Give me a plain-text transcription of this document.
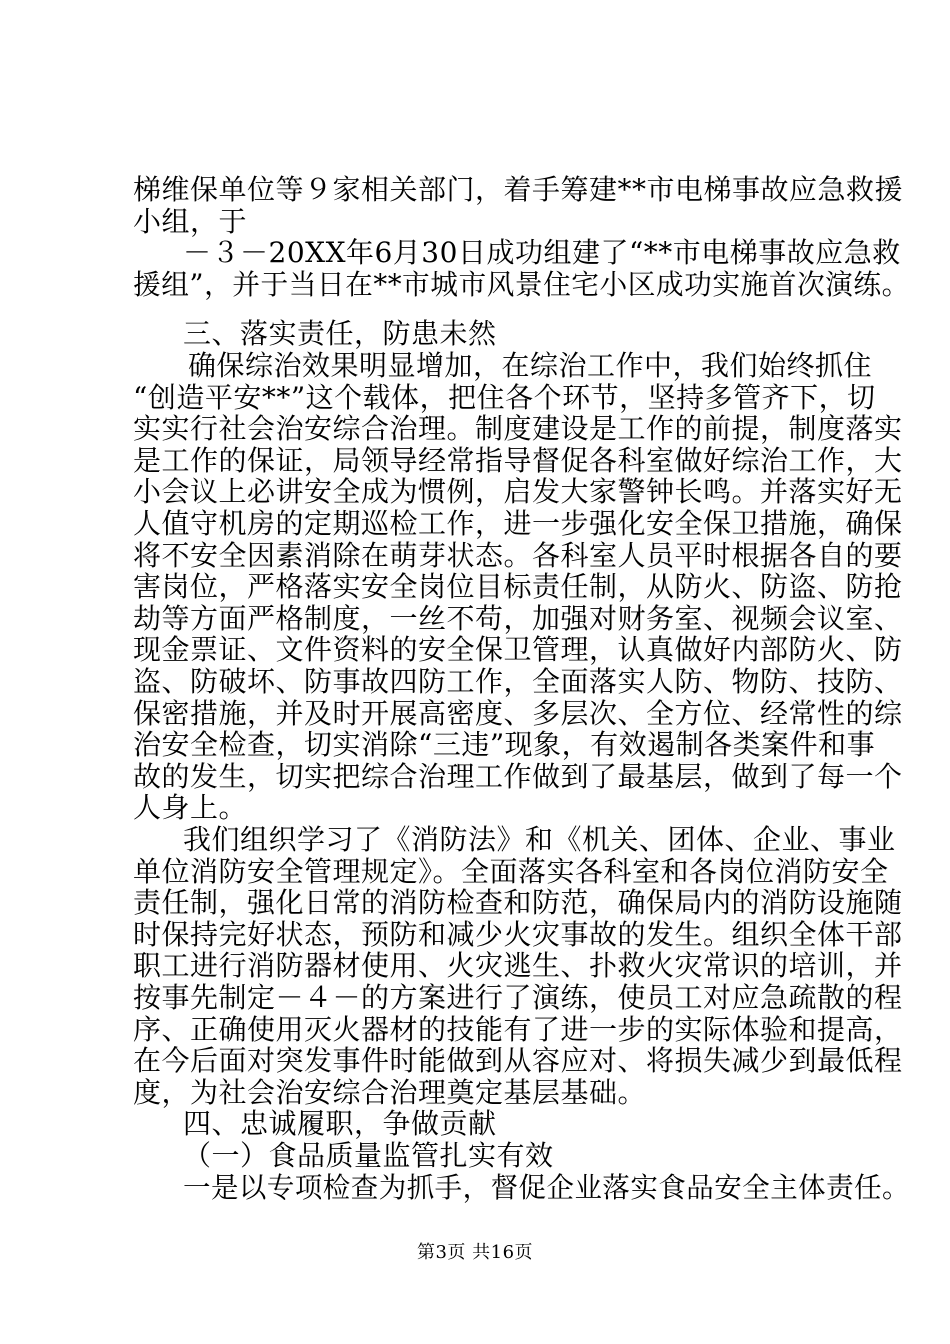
梯维保单位等９家相关部门，着手筹建**市电梯事故应急救援
小组，于
－３－20XX年6月30日成功组建了“**市电梯事故应急救
援组”，并于当日在**市城市风景住宅小区成功实施首次演练。
三、落实责任，防患未然
确保综治效果明显增加，在综治工作中，我们始终抓住
“创造平安**”这个载体，把住各个环节，坚持多管齐下，切
实实行社会治安综合治理。制度建设是工作的前提，制度落实
是工作的保证，局领导经常指导督促各科室做好综治工作，大
小会议上必讲安全成为惯例，启发大家警钟长鸣。并落实好无
人值守机房的定期巡检工作，进一步强化安全保卫措施，确保
将不安全因素消除在萌芽状态。各科室人员平时根据各自的要
害岗位，严格落实安全岗位目标责任制，从防火、防盗、防抢
劫等方面严格制度，一丝不苟，加强对财务室、视频会议室、
现金票证、文件资料的安全保卫管理，认真做好内部防火、防
盗、防破坏、防事故四防工作，全面落实人防、物防、技防、
保密措施，并及时开展高密度、多层次、全方位、经常性的综
治安全检查，切实消除“三违”现象，有效遏制各类案件和事
故的发生，切实把综合治理工作做到了最基层，做到了每一个
人身上。
我们组织学习了《消防法》和《机关、团体、企业、事业
单位消防安全管理规定》。全面落实各科室和各岗位消防安全
责任制，强化日常的消防检查和防范，确保局内的消防设施随
时保持完好状态，预防和减少火灾事故的发生。组织全体干部
职工进行消防器材使用、火灾逃生、扑救火灾常识的培训，并
按事先制定－４－的方案进行了演练，使员工对应急疏散的程
序、正确使用灭火器材的技能有了进一步的实际体验和提高，
在今后面对突发事件时能做到从容应对、将损失减少到最低程
度，为社会治安综合治理奠定基层基础。
四、忠诚履职，争做贡献
（一）食品质量监管扎实有效
一是以专项检查为抓手，督促企业落实食品安全主体责任。
第3页 共16页
